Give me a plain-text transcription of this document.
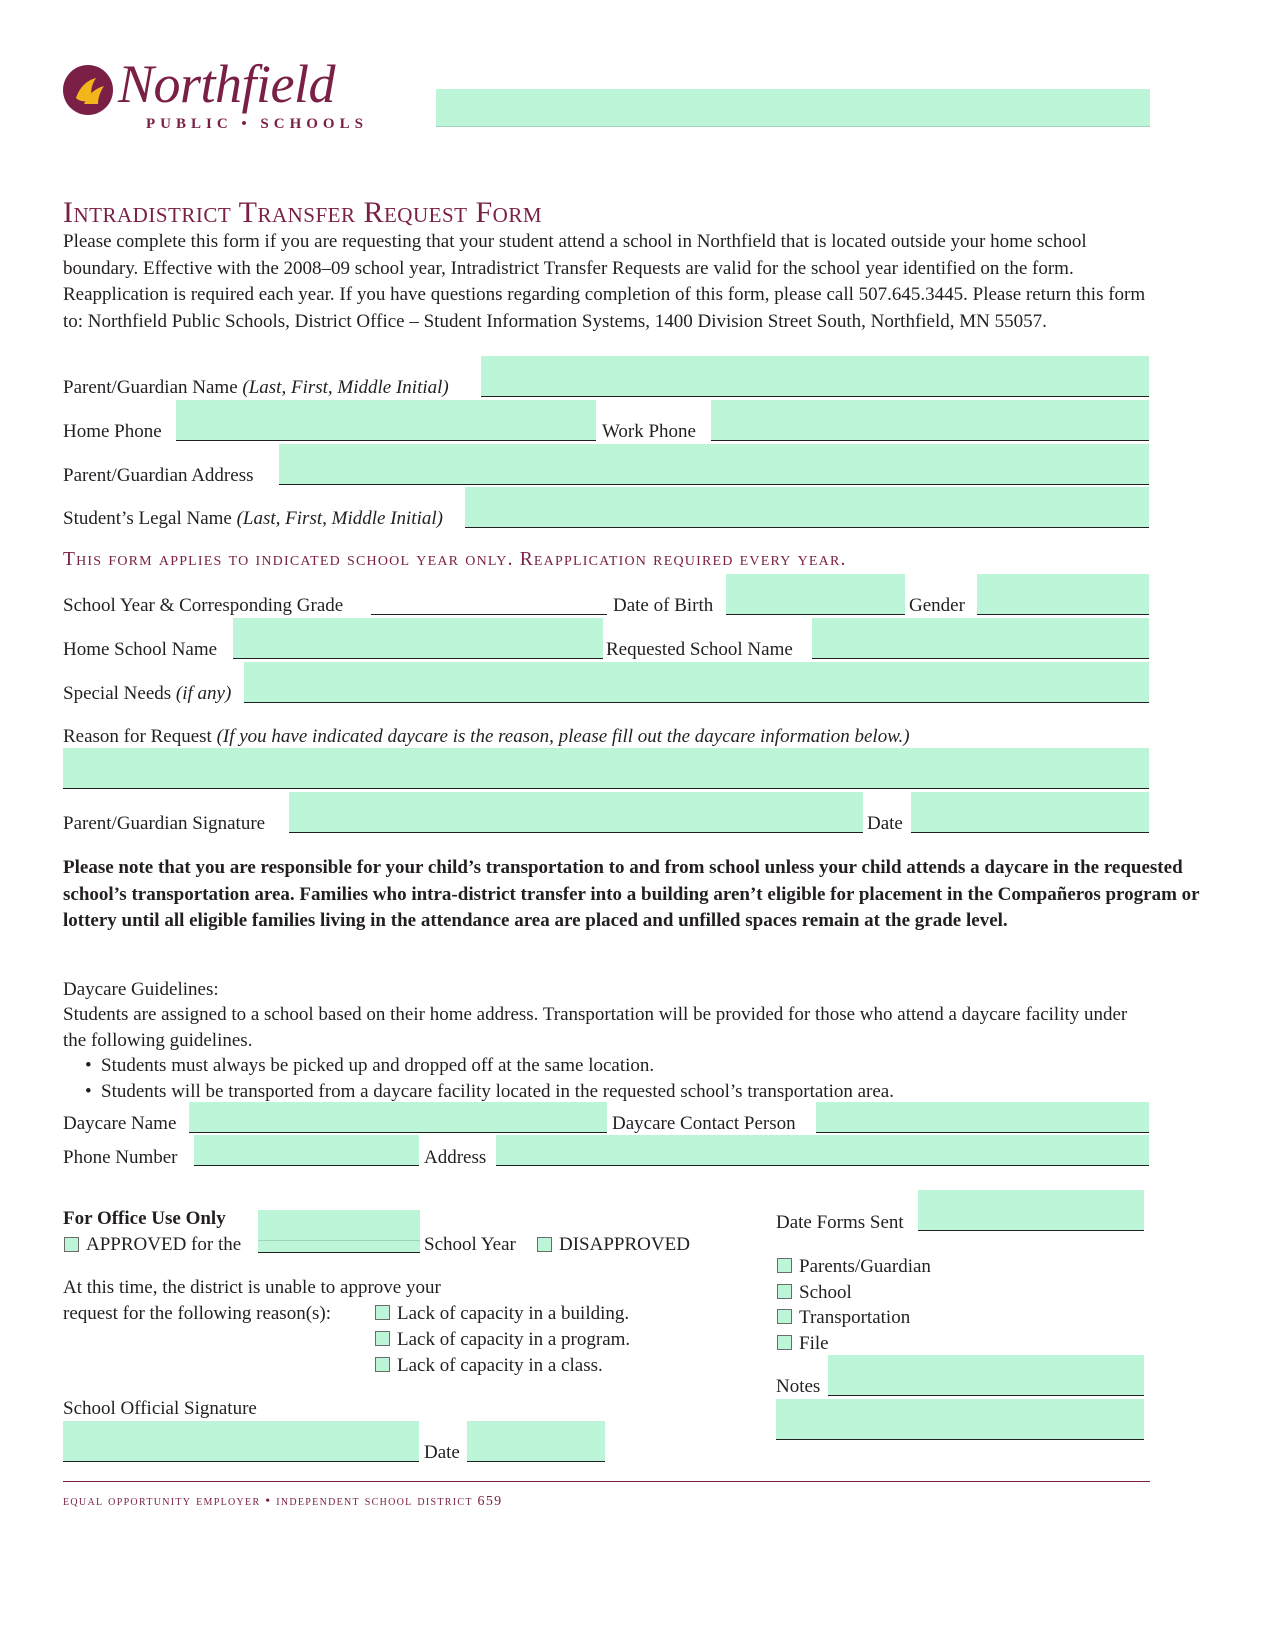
Northfield
PUBLIC • SCHOOLS
Intradistrict Transfer Request Form
Please complete this form if you are requesting that your student attend a school in Northfield that is located outside your home school boundary. Effective with the 2008–09 school year, Intradistrict Transfer Requests are valid for the school year identified on the form. Reapplication is required each year. If you have questions regarding completion of this form, please call 507.645.3445. Please return this form to: Northfield Public Schools, District Office – Student Information Systems, 1400 Division Street South, Northfield, MN 55057.
Parent/Guardian Name (Last, First, Middle Initial)
Home Phone	Work Phone
Parent/Guardian Address
Student’s Legal Name (Last, First, Middle Initial)
This form applies to indicated school year only. Reapplication required every year.
School Year & Corresponding Grade	Date of Birth	Gender
Home School Name	Requested School Name
Special Needs (if any)
Reason for Request (If you have indicated daycare is the reason, please fill out the daycare information below.)
Parent/Guardian Signature	Date
Please note that you are responsible for your child’s transportation to and from school unless your child attends a daycare in the requested school’s transportation area. Families who intra-district transfer into a building aren’t eligible for placement in the Compañeros program or lottery until all eligible families living in the attendance area are placed and unfilled spaces remain at the grade level.
Daycare Guidelines:
Students are assigned to a school based on their home address. Transportation will be provided for those who attend a daycare facility under the following guidelines.
• Students must always be picked up and dropped off at the same location.
• Students will be transported from a daycare facility located in the requested school’s transportation area.
Daycare Name	Daycare Contact Person
Phone Number	Address
For Office Use Only
APPROVED for the	School Year DISAPPROVED
At this time, the district is unable to approve your
request for the following reason(s):	Lack of capacity in a building.
Lack of capacity in a program.
Lack of capacity in a class.
School Official Signature
Date
Date Forms Sent
Parents/Guardian
School
Transportation
File
Notes
equal opportunity employer • independent school district 659
